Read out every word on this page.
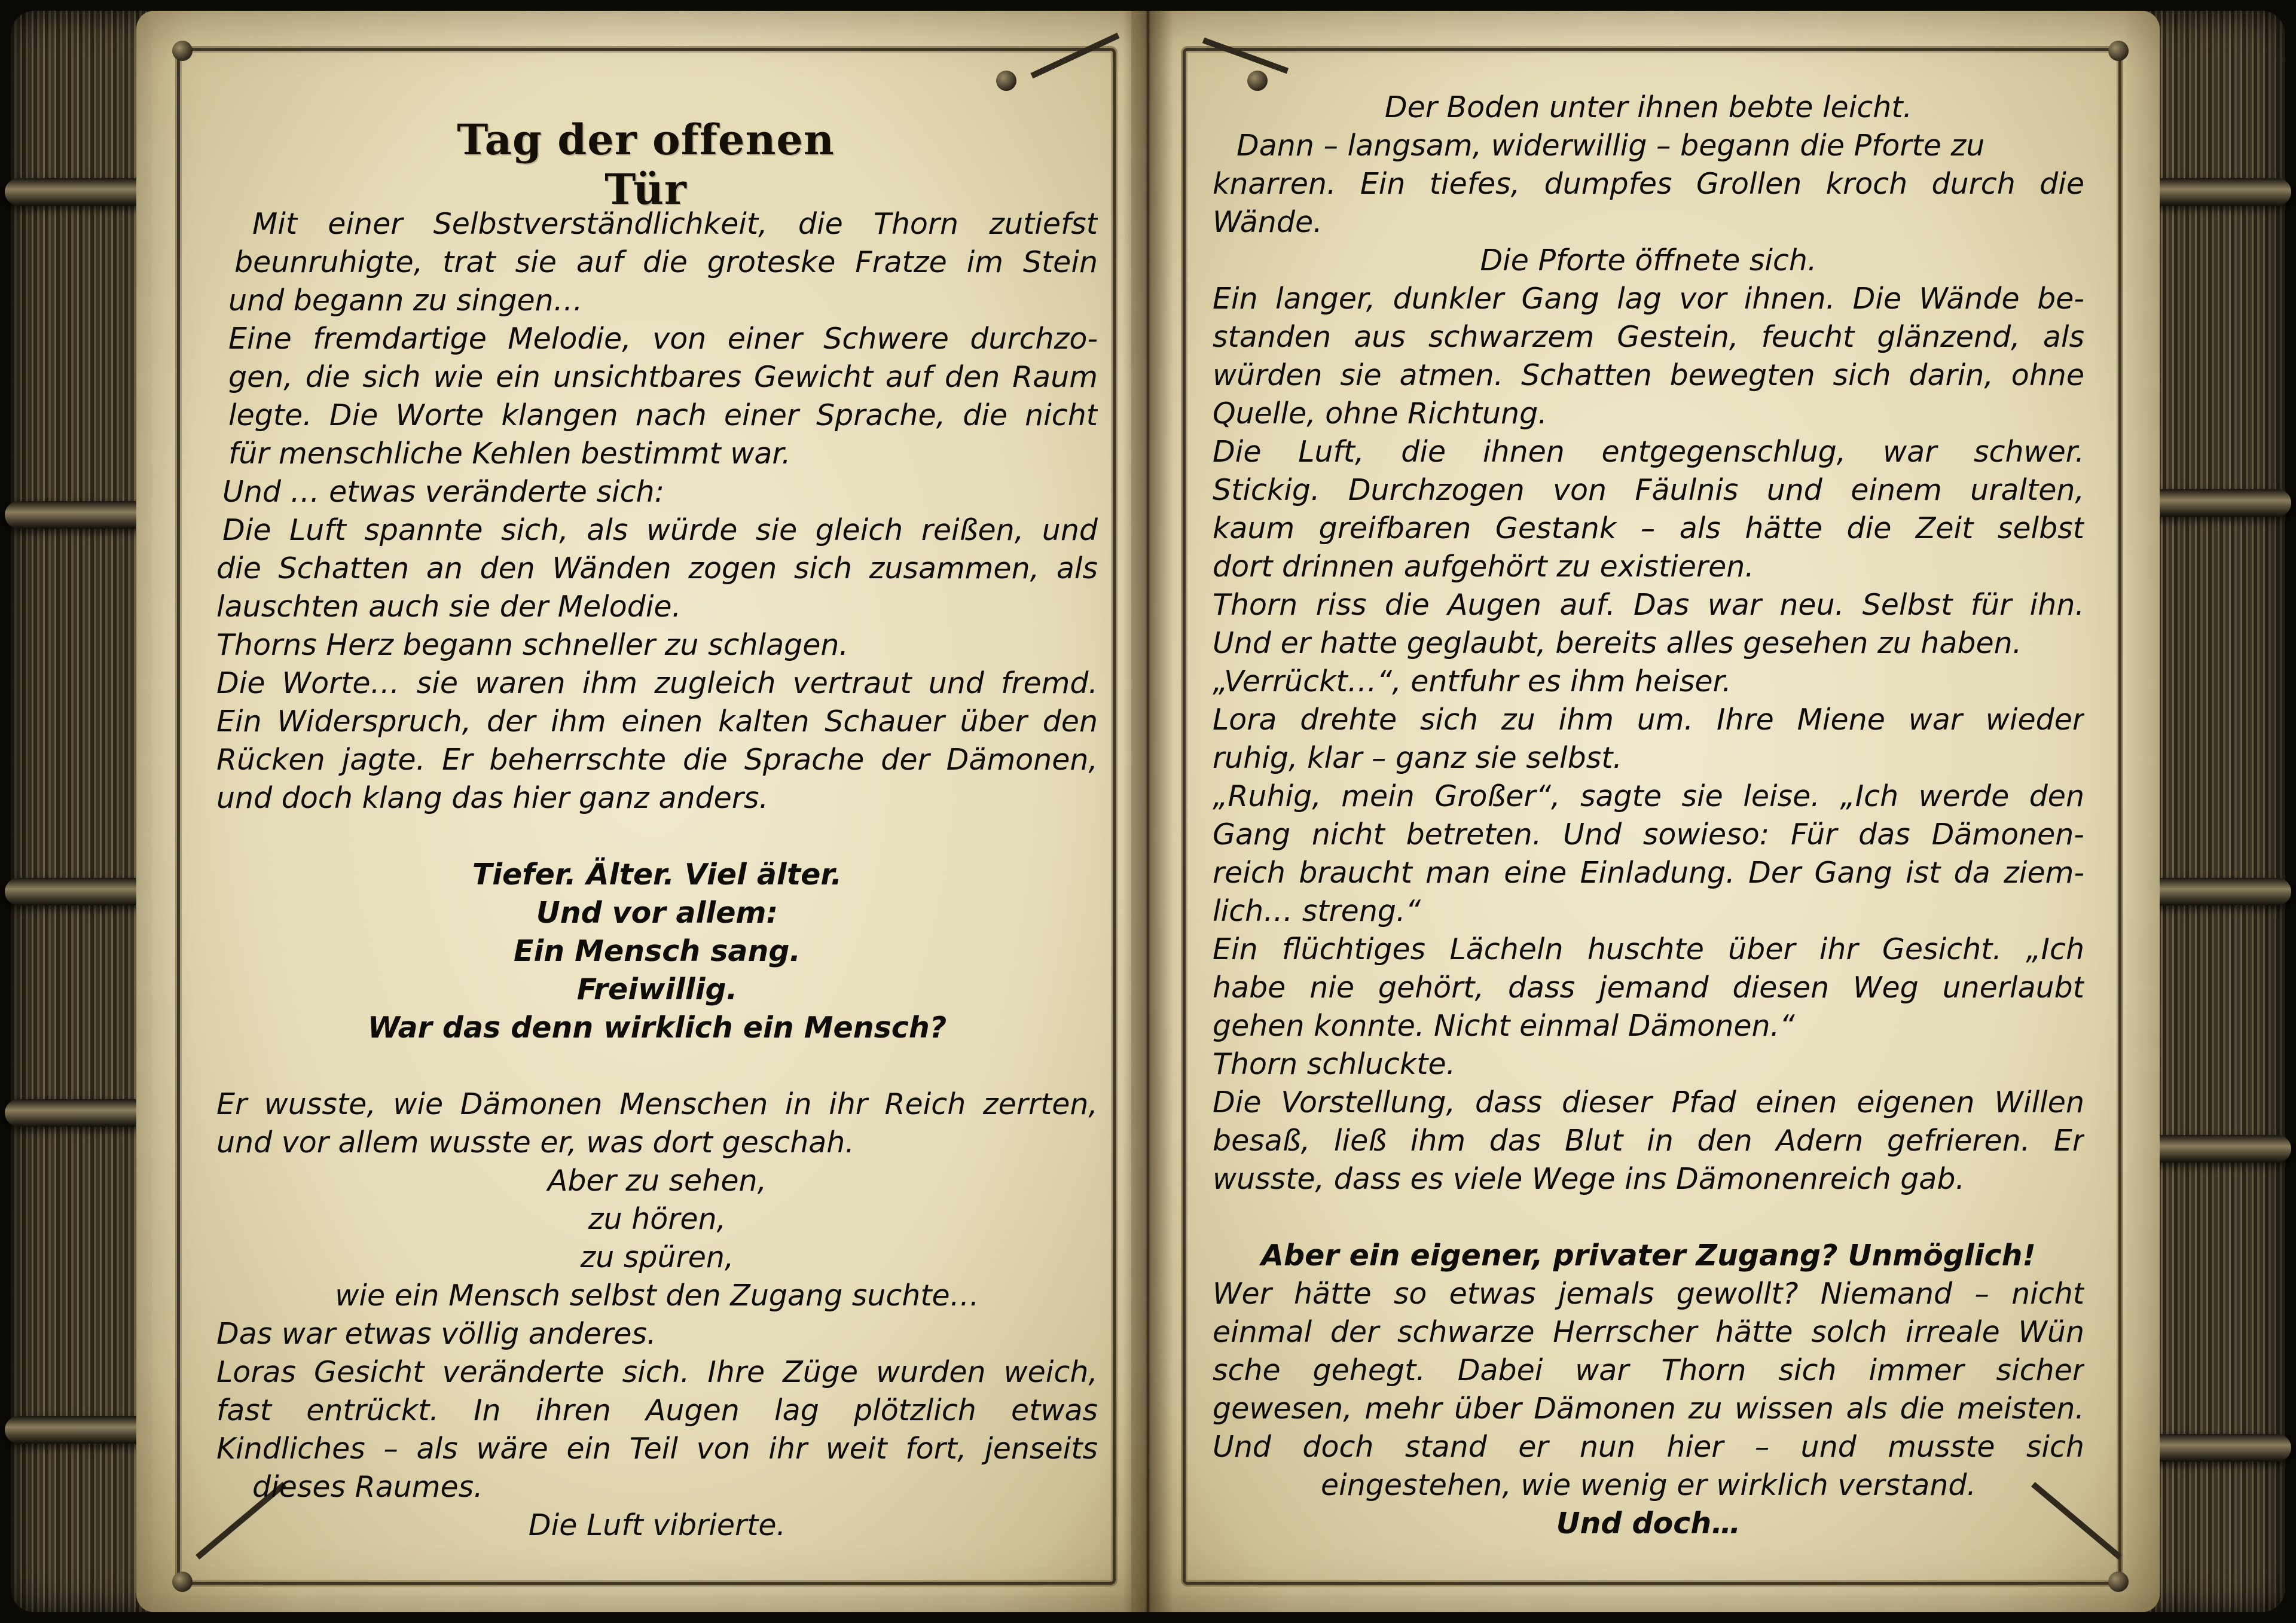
Tag der offenen Tür
Mit einer Selbstverständlichkeit, die Thorn zutiefst
beunruhigte, trat sie auf die groteske Fratze im Stein
und begann zu singen…
Eine fremdartige Melodie, von einer Schwere durchzo-
gen, die sich wie ein unsichtbares Gewicht auf den Raum
legte. Die Worte klangen nach einer Sprache, die nicht
für menschliche Kehlen bestimmt war.
Und … etwas veränderte sich:
Die Luft spannte sich, als würde sie gleich reißen, und
die Schatten an den Wänden zogen sich zusammen, als
lauschten auch sie der Melodie.
Thorns Herz begann schneller zu schlagen.
Die Worte… sie waren ihm zugleich vertraut und fremd.
Ein Widerspruch, der ihm einen kalten Schauer über den
Rücken jagte. Er beherrschte die Sprache der Dämonen,
und doch klang das hier ganz anders.
Tiefer. Älter. Viel älter.
Und vor allem:
Ein Mensch sang.
Freiwillig.
War das denn wirklich ein Mensch?
Er wusste, wie Dämonen Menschen in ihr Reich zerrten,
und vor allem wusste er, was dort geschah.
Aber zu sehen,
zu hören,
zu spüren,
wie ein Mensch selbst den Zugang suchte…
Das war etwas völlig anderes.
Loras Gesicht veränderte sich. Ihre Züge wurden weich,
fast entrückt. In ihren Augen lag plötzlich etwas
Kindliches – als wäre ein Teil von ihr weit fort, jenseits
dieses Raumes.
Die Luft vibrierte.
Der Boden unter ihnen bebte leicht.
Dann – langsam, widerwillig – begann die Pforte zu
knarren. Ein tiefes, dumpfes Grollen kroch durch die
Wände.
Die Pforte öffnete sich.
Ein langer, dunkler Gang lag vor ihnen. Die Wände be-
standen aus schwarzem Gestein, feucht glänzend, als
würden sie atmen. Schatten bewegten sich darin, ohne
Quelle, ohne Richtung.
Die Luft, die ihnen entgegenschlug, war schwer.
Stickig. Durchzogen von Fäulnis und einem uralten,
kaum greifbaren Gestank – als hätte die Zeit selbst
dort drinnen aufgehört zu existieren.
Thorn riss die Augen auf. Das war neu. Selbst für ihn.
Und er hatte geglaubt, bereits alles gesehen zu haben.
„Verrückt…“, entfuhr es ihm heiser.
Lora drehte sich zu ihm um. Ihre Miene war wieder
ruhig, klar – ganz sie selbst.
„Ruhig, mein Großer“, sagte sie leise. „Ich werde den
Gang nicht betreten. Und sowieso: Für das Dämonen-
reich braucht man eine Einladung. Der Gang ist da ziem-
lich… streng.“
Ein flüchtiges Lächeln huschte über ihr Gesicht. „Ich
habe nie gehört, dass jemand diesen Weg unerlaubt
gehen konnte. Nicht einmal Dämonen.“
Thorn schluckte.
Die Vorstellung, dass dieser Pfad einen eigenen Willen
besaß, ließ ihm das Blut in den Adern gefrieren. Er
wusste, dass es viele Wege ins Dämonenreich gab.
Aber ein eigener, privater Zugang? Unmöglich!
Wer hätte so etwas jemals gewollt? Niemand – nicht
einmal der schwarze Herrscher hätte solch irreale Wün
sche gehegt. Dabei war Thorn sich immer sicher
gewesen, mehr über Dämonen zu wissen als die meisten.
Und doch stand er nun hier – und musste sich
eingestehen, wie wenig er wirklich verstand.
Und doch…
